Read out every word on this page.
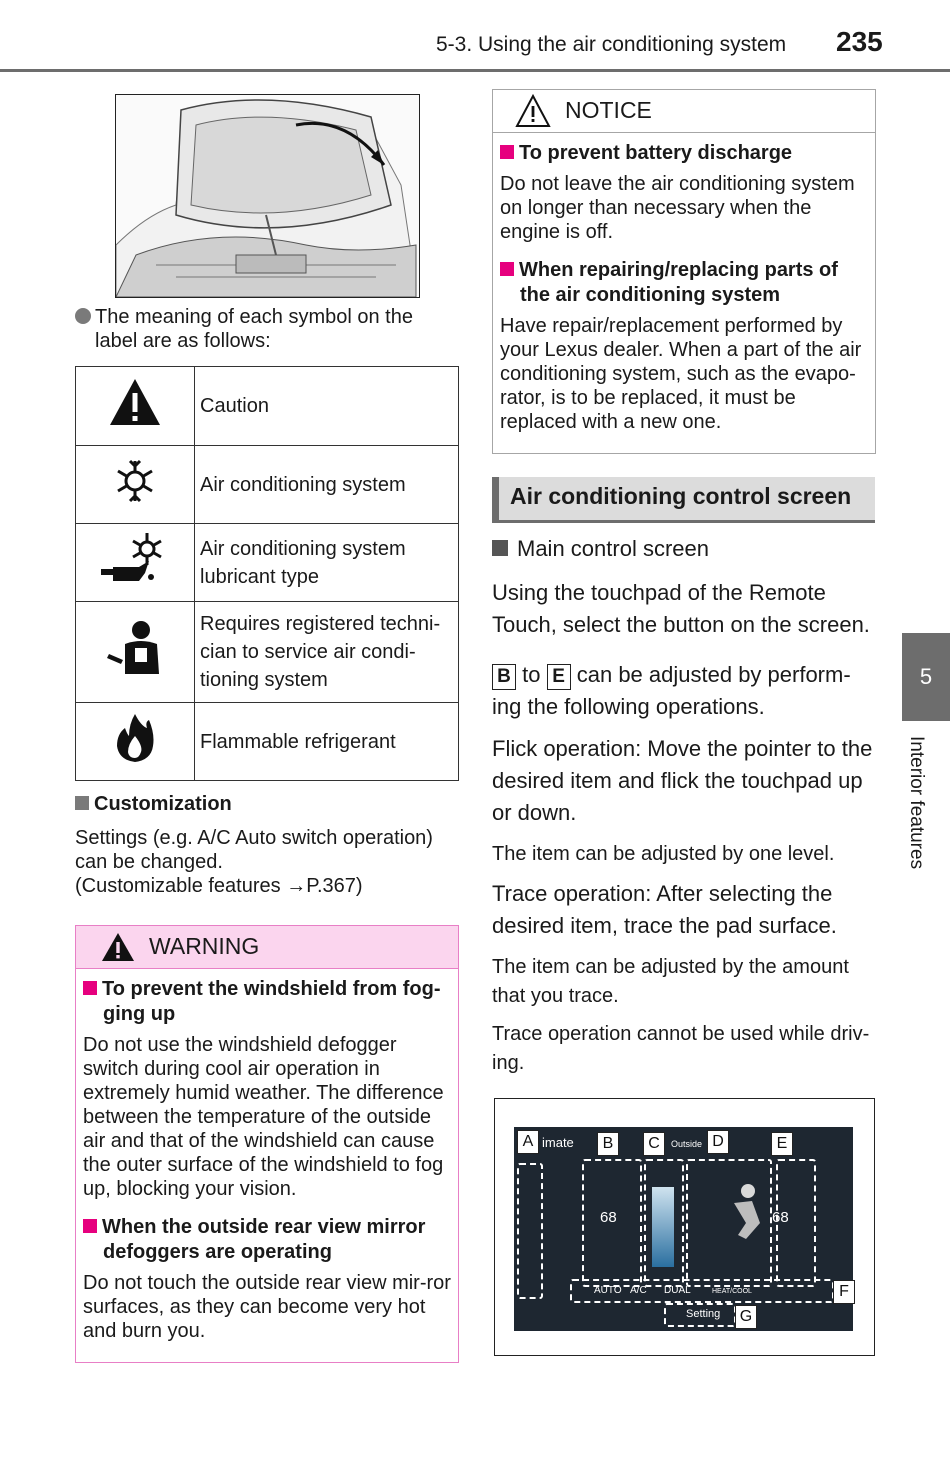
5-3. Using the air conditioning system 235
5
Interior features
The meaning of each symbol on the label are as follows:
	Caution
	Air conditioning system
	Air conditioning system lubricant type
	Requires registered techni-cian to service air condi-tioning system
	Flammable refrigerant
Customization
Settings (e.g. A/C Auto switch operation) can be changed.
(Customizable features →P.367)
WARNING
To prevent the windshield from fog-ging up

Do not use the windshield defogger switch during cool air operation in extremely humid weather. The difference between the temperature of the outside air and that of the windshield can cause the outer surface of the windshield to fog up, blocking your vision.

When the outside rear view mirror defoggers are operating

Do not touch the outside rear view mir-ror surfaces, as they can become very hot and burn you.

NOTICE
To prevent battery discharge

Do not leave the air conditioning system on longer than necessary when the engine is off.

When repairing/replacing parts of the air conditioning system

Have repair/replacement performed by your Lexus dealer. When a part of the air conditioning system, such as the evapo-rator, is to be replaced, it must be replaced with a new one.

Air conditioning control screen
Main control screen
Using the touchpad of the Remote Touch, select the button on the screen.
B to E can be adjusted by perform-ing the following operations.
Flick operation: Move the pointer to the desired item and flick the touchpad up or down.
The item can be adjusted by one level.
Trace operation: After selecting the desired item, trace the pad surface.
The item can be adjusted by the amount that you trace.
Trace operation cannot be used while driv-ing.
imate	Outside
68	68
AUTO A/C DUAL	HEAT/COOL
Setting
A	B	C	D	E
F
G
